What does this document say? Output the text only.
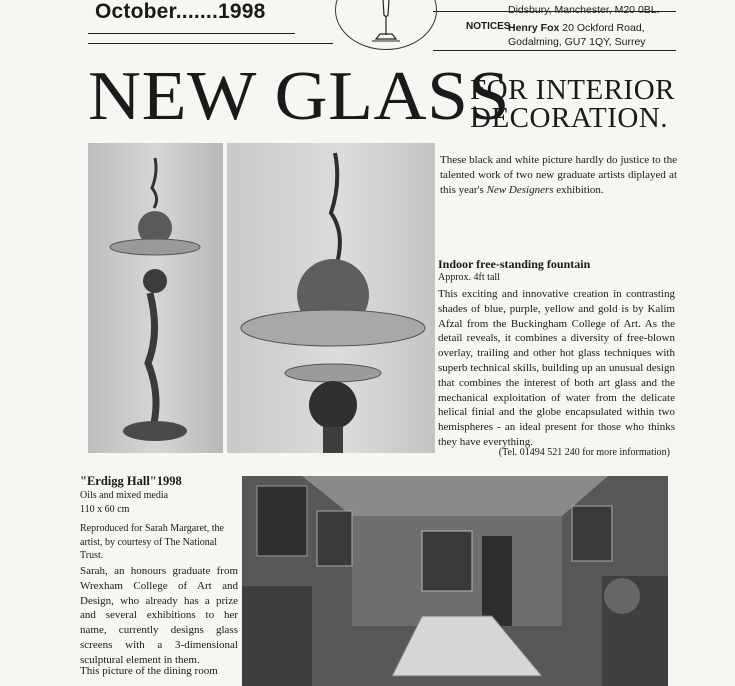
October.......1998	Didsbury, Manchester, M20 0BL.
NOTICES
Henry Fox 20 Ockford Road,
Godalming, GU7 1QY, Surrey
NEW GLASS
FOR INTERIOR
DECORATION.
These black and white picture hardly do justice to the talented work of two new graduate artists diplayed at this year's New Designers exhibition.
Indoor free-standing fountain
Approx. 4ft tall
This exciting and innovative creation in contrasting shades of blue, purple, yellow and gold is by Kalim Afzal from the Buckingham College of Art. As the detail reveals, it combines a diversity of free-blown overlay, trailing and other hot glass techniques with superb technical skills, building up an unusual design that combines the interest of both art glass and the mechanical exploitation of water from the delicate helical finial and the globe encapsulated within two hemispheres - an ideal present for those who thinks they have everything.
(Tel. 01494 521 240 for more information)
"Erdigg Hall"1998
Oils and mixed media
110 x 60 cm
Reproduced for Sarah Margaret, the artist, by courtesy of The National Trust.
Sarah, an honours graduate from Wrexham College of Art and Design, who already has a prize and several exhibitions to her name, currently designs glass screens with a 3-dimensional sculptural element in them.
This picture of the dining room
